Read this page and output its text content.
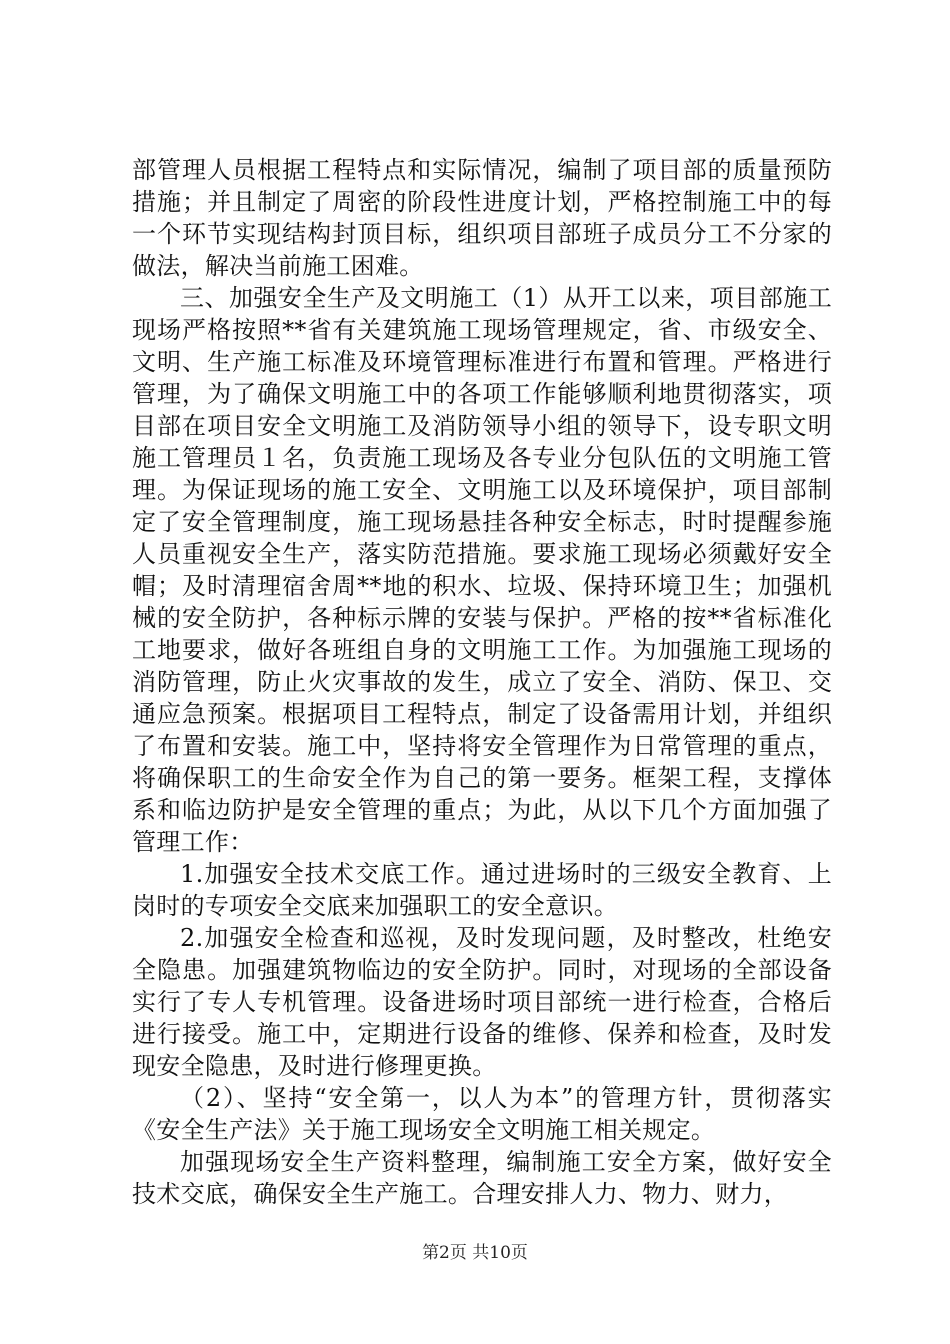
部管理人员根据工程特点和实际情况，编制了项目部的质量预防措施；并且制定了周密的阶段性进度计划，严格控制施工中的每一个环节实现结构封顶目标，组织项目部班子成员分工不分家的做法，解决当前施工困难。

三、加强安全生产及文明施工（1）从开工以来，项目部施工现场严格按照**省有关建筑施工现场管理规定，省、市级安全、文明、生产施工标准及环境管理标准进行布置和管理。严格进行管理，为了确保文明施工中的各项工作能够顺利地贯彻落实，项目部在项目安全文明施工及消防领导小组的领导下，设专职文明施工管理员１名，负责施工现场及各专业分包队伍的文明施工管理。为保证现场的施工安全、文明施工以及环境保护，项目部制定了安全管理制度，施工现场悬挂各种安全标志，时时提醒参施人员重视安全生产，落实防范措施。要求施工现场必须戴好安全帽；及时清理宿舍周**地的积水、垃圾、保持环境卫生；加强机械的安全防护，各种标示牌的安装与保护。严格的按**省标准化工地要求，做好各班组自身的文明施工工作。为加强施工现场的消防管理，防止火灾事故的发生，成立了安全、消防、保卫、交通应急预案。根据项目工程特点，制定了设备需用计划，并组织了布置和安装。施工中，坚持将安全管理作为日常管理的重点，将确保职工的生命安全作为自己的第一要务。框架工程，支撑体系和临边防护是安全管理的重点；为此，从以下几个方面加强了管理工作：

1.加强安全技术交底工作。通过进场时的三级安全教育、上岗时的专项安全交底来加强职工的安全意识。

2.加强安全检查和巡视，及时发现问题，及时整改，杜绝安全隐患。加强建筑物临边的安全防护。同时，对现场的全部设备实行了专人专机管理。设备进场时项目部统一进行检查，合格后进行接受。施工中，定期进行设备的维修、保养和检查，及时发现安全隐患，及时进行修理更换。

（2）、坚持“安全第一，以人为本”的管理方针，贯彻落实《安全生产法》关于施工现场安全文明施工相关规定。

加强现场安全生产资料整理，编制施工安全方案，做好安全技术交底，确保安全生产施工。合理安排人力、物力、财力，

第2页 共10页
